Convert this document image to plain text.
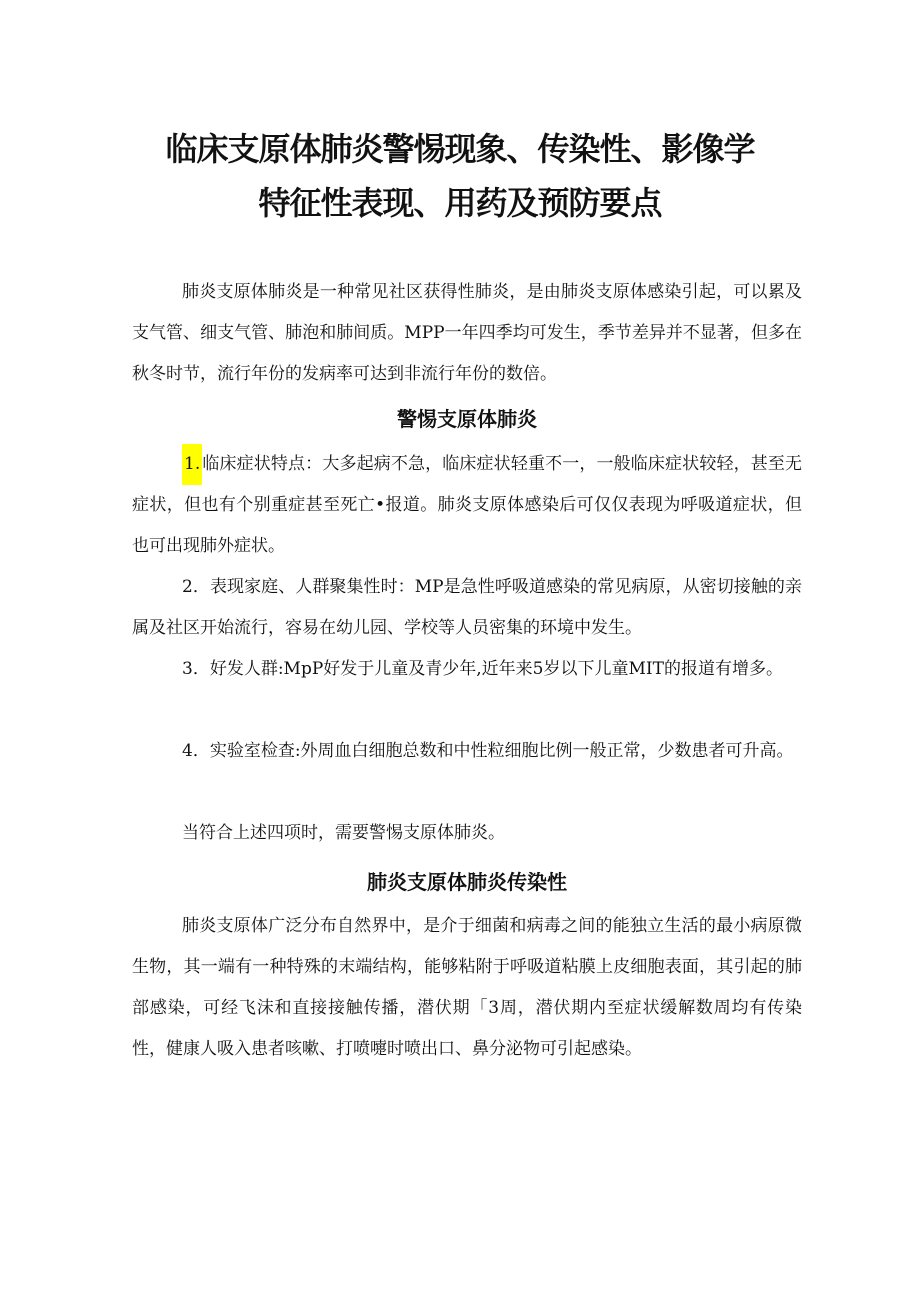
临床支原体肺炎警惕现象、传染性、影像学
特征性表现、用药及预防要点

肺炎支原体肺炎是一种常见社区获得性肺炎，是由肺炎支原体感染引起，可以累及支气管、细支气管、肺泡和肺间质。MPP一年四季均可发生，季节差异并不显著，但多在秋冬时节，流行年份的发病率可达到非流行年份的数倍。

警惕支原体肺炎

1. 临床症状特点：大多起病不急，临床症状轻重不一，一般临床症状较轻，甚至无症状，但也有个别重症甚至死亡•报道。肺炎支原体感染后可仅仅表现为呼吸道症状，但也可出现肺外症状。

2．表现家庭、人群聚集性时：MP是急性呼吸道感染的常见病原，从密切接触的亲属及社区开始流行，容易在幼儿园、学校等人员密集的环境中发生。

3．好发人群:MpP好发于儿童及青少年,近年来5岁以下儿童MIT的报道有增多。

4．实验室检查:外周血白细胞总数和中性粒细胞比例一般正常，少数患者可升高。

当符合上述四项时，需要警惕支原体肺炎。

肺炎支原体肺炎传染性

肺炎支原体广泛分布自然界中，是介于细菌和病毒之间的能独立生活的最小病原微生物，其一端有一种特殊的末端结构，能够粘附于呼吸道粘膜上皮细胞表面，其引起的肺部感染，可经飞沫和直接接触传播，潜伏期「3周，潜伏期内至症状缓解数周均有传染性，健康人吸入患者咳嗽、打喷嚏时喷出口、鼻分泌物可引起感染。
